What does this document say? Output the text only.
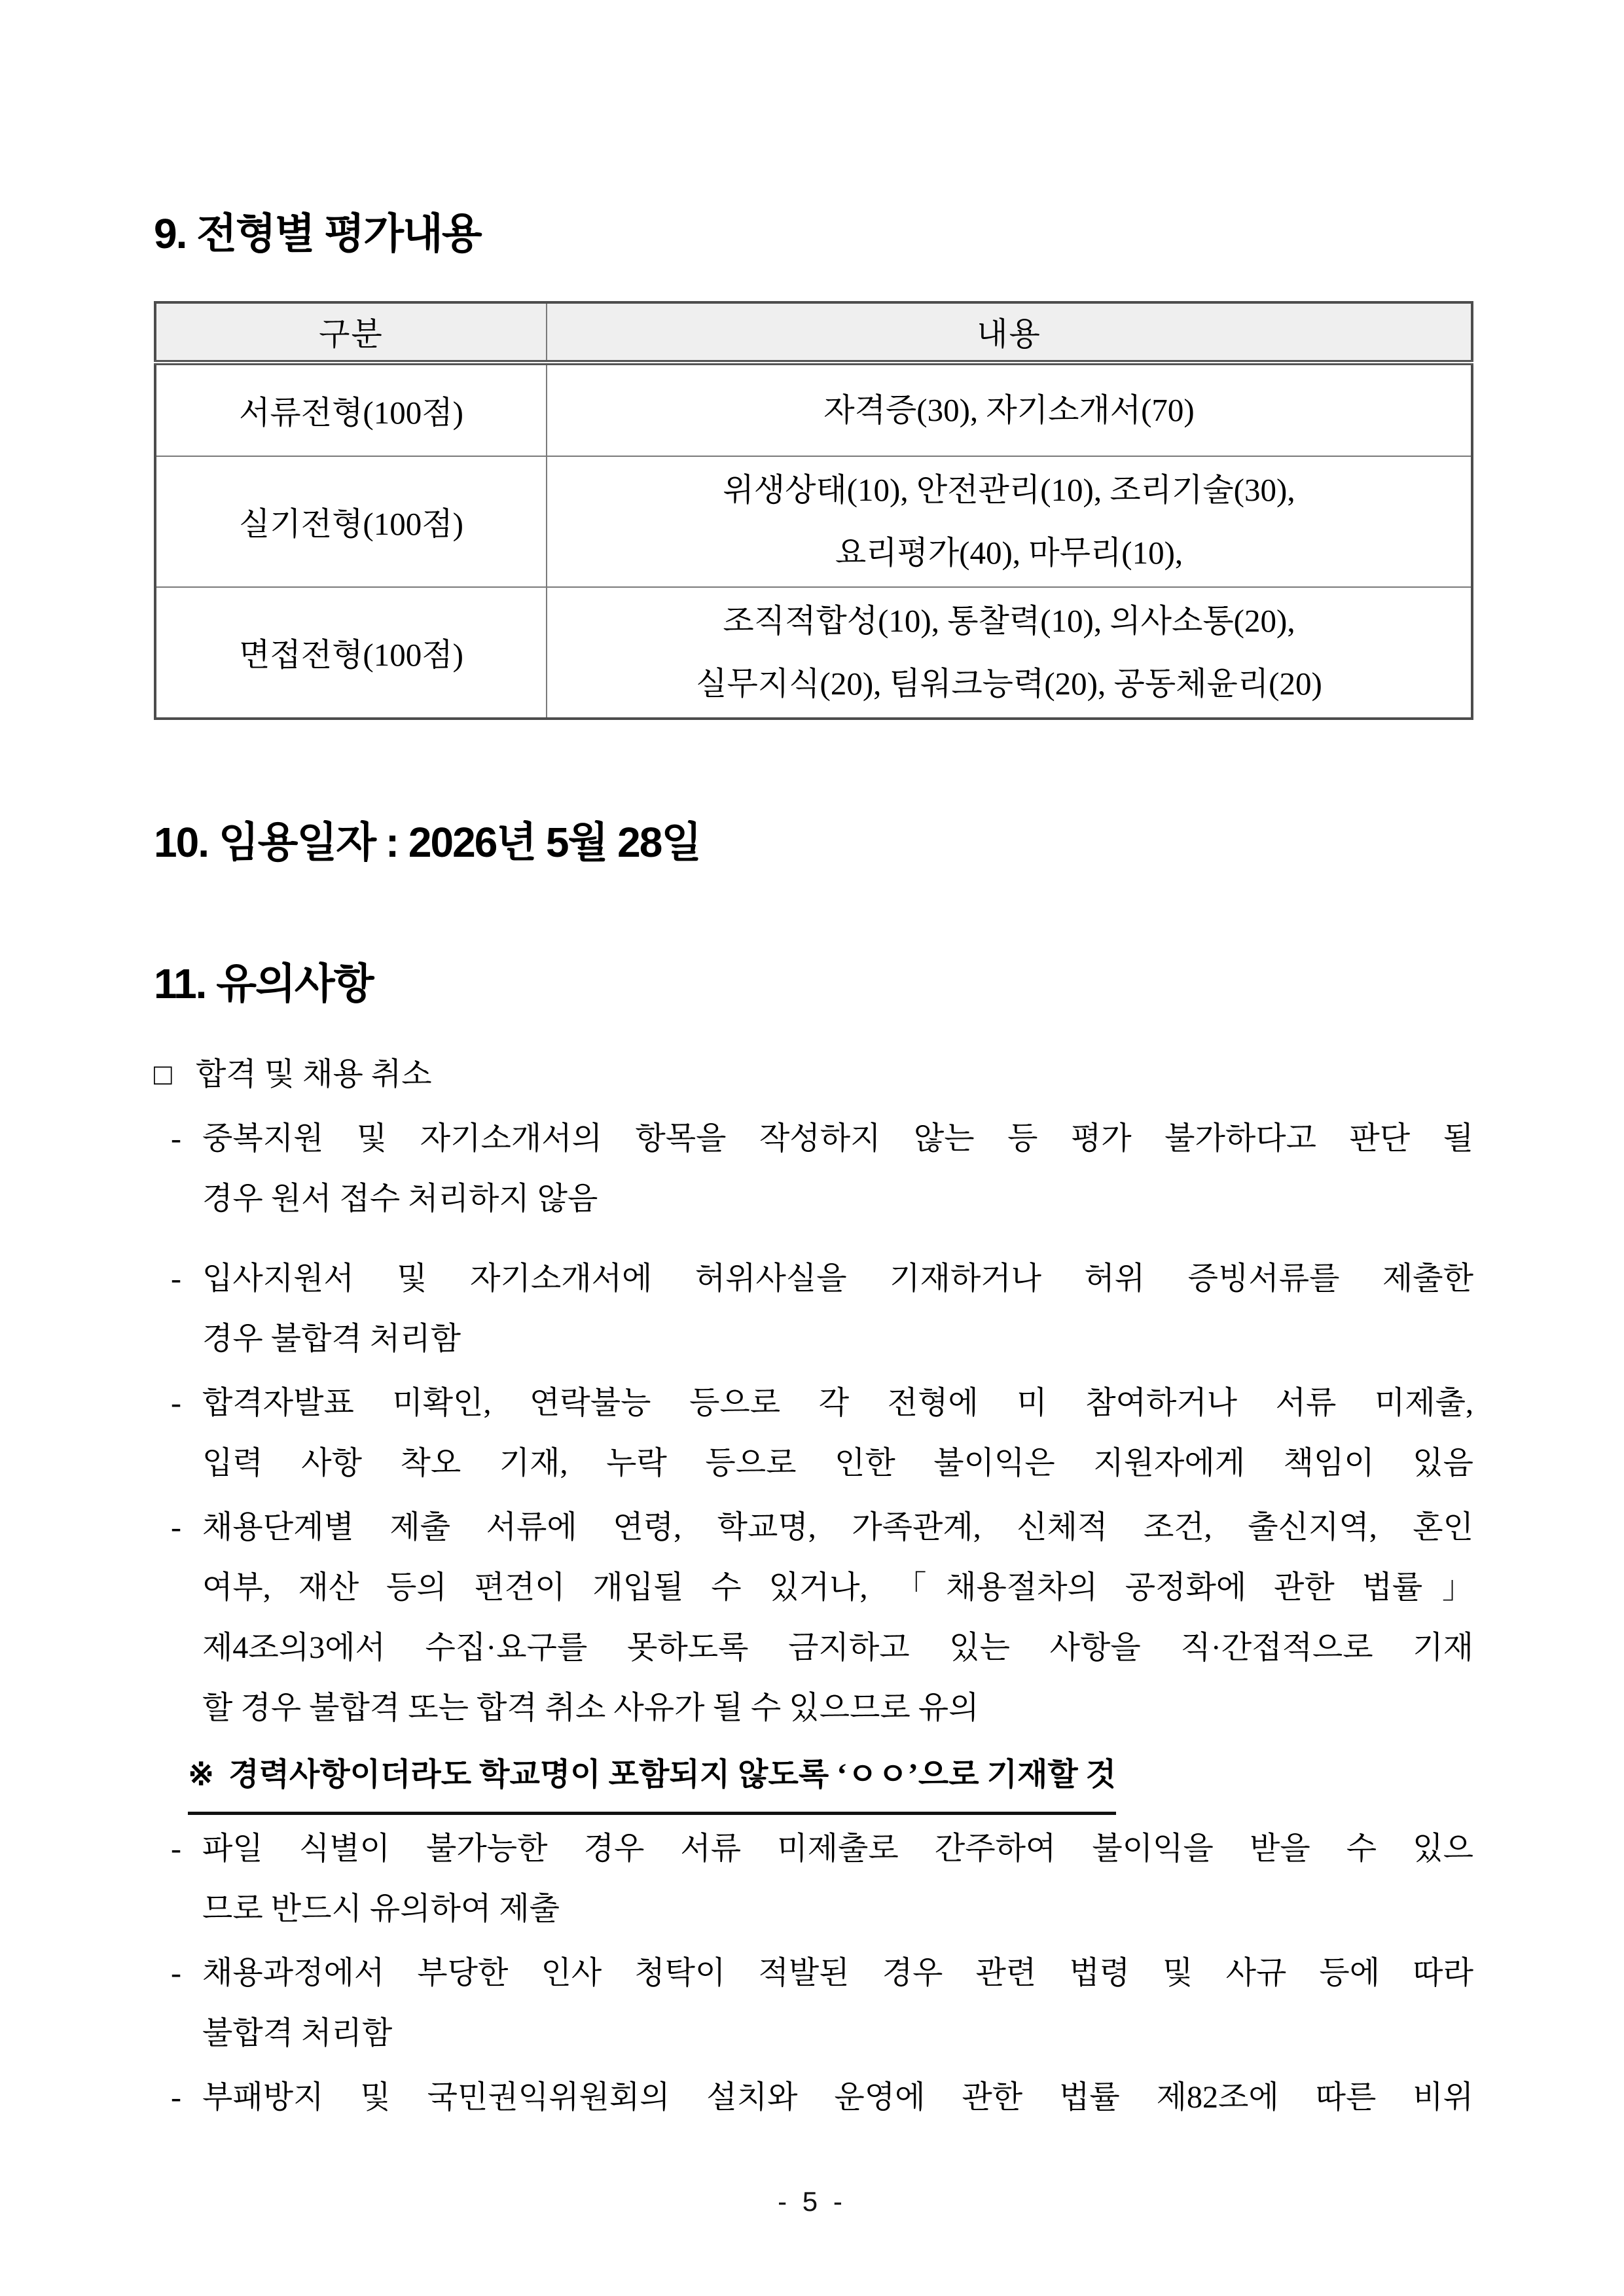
9. 전형별 평가내용
구분	내용
서류전형(100점)	자격증(30), 자기소개서(70)

실기전형(100점)	위생상태(10), 안전관리(10), 조리기술(30),
요리평가(40), 마무리(10),

면접전형(100점)	조직적합성(10), 통찰력(10), 의사소통(20),
실무지식(20), 팀워크능력(20), 공동체윤리(20)
10. 임용일자 : 2026년 5월 28일
11. 유의사항
□ 합격 및 채용 취소
- 중복지원 및 자기소개서의 항목을 작성하지 않는 등 평가 불가하다고 판단 될
경우 원서 접수 처리하지 않음
- 입사지원서 및 자기소개서에 허위사실을 기재하거나 허위 증빙서류를 제출한
경우 불합격 처리함
- 합격자발표 미확인, 연락불능 등으로 각 전형에 미 참여하거나 서류 미제출,
입력 사항 착오 기재, 누락 등으로 인한 불이익은 지원자에게 책임이 있음
- 채용단계별 제출 서류에 연령, 학교명, 가족관계, 신체적 조건, 출신지역, 혼인
여부, 재산 등의 편견이 개입될 수 있거나, 「채용절차의 공정화에 관한 법률」
제4조의3에서 수집·요구를 못하도록 금지하고 있는 사항을 직·간접적으로 기재
할 경우 불합격 또는 합격 취소 사유가 될 수 있으므로 유의
※ 경력사항이더라도 학교명이 포함되지 않도록 ‘ㅇㅇ’으로 기재할 것
- 파일 식별이 불가능한 경우 서류 미제출로 간주하여 불이익을 받을 수 있으
므로 반드시 유의하여 제출
- 채용과정에서 부당한 인사 청탁이 적발된 경우 관련 법령 및 사규 등에 따라
불합격 처리함
- 부패방지 및 국민권익위원회의 설치와 운영에 관한 법률 제82조에 따른 비위
- 5 -
